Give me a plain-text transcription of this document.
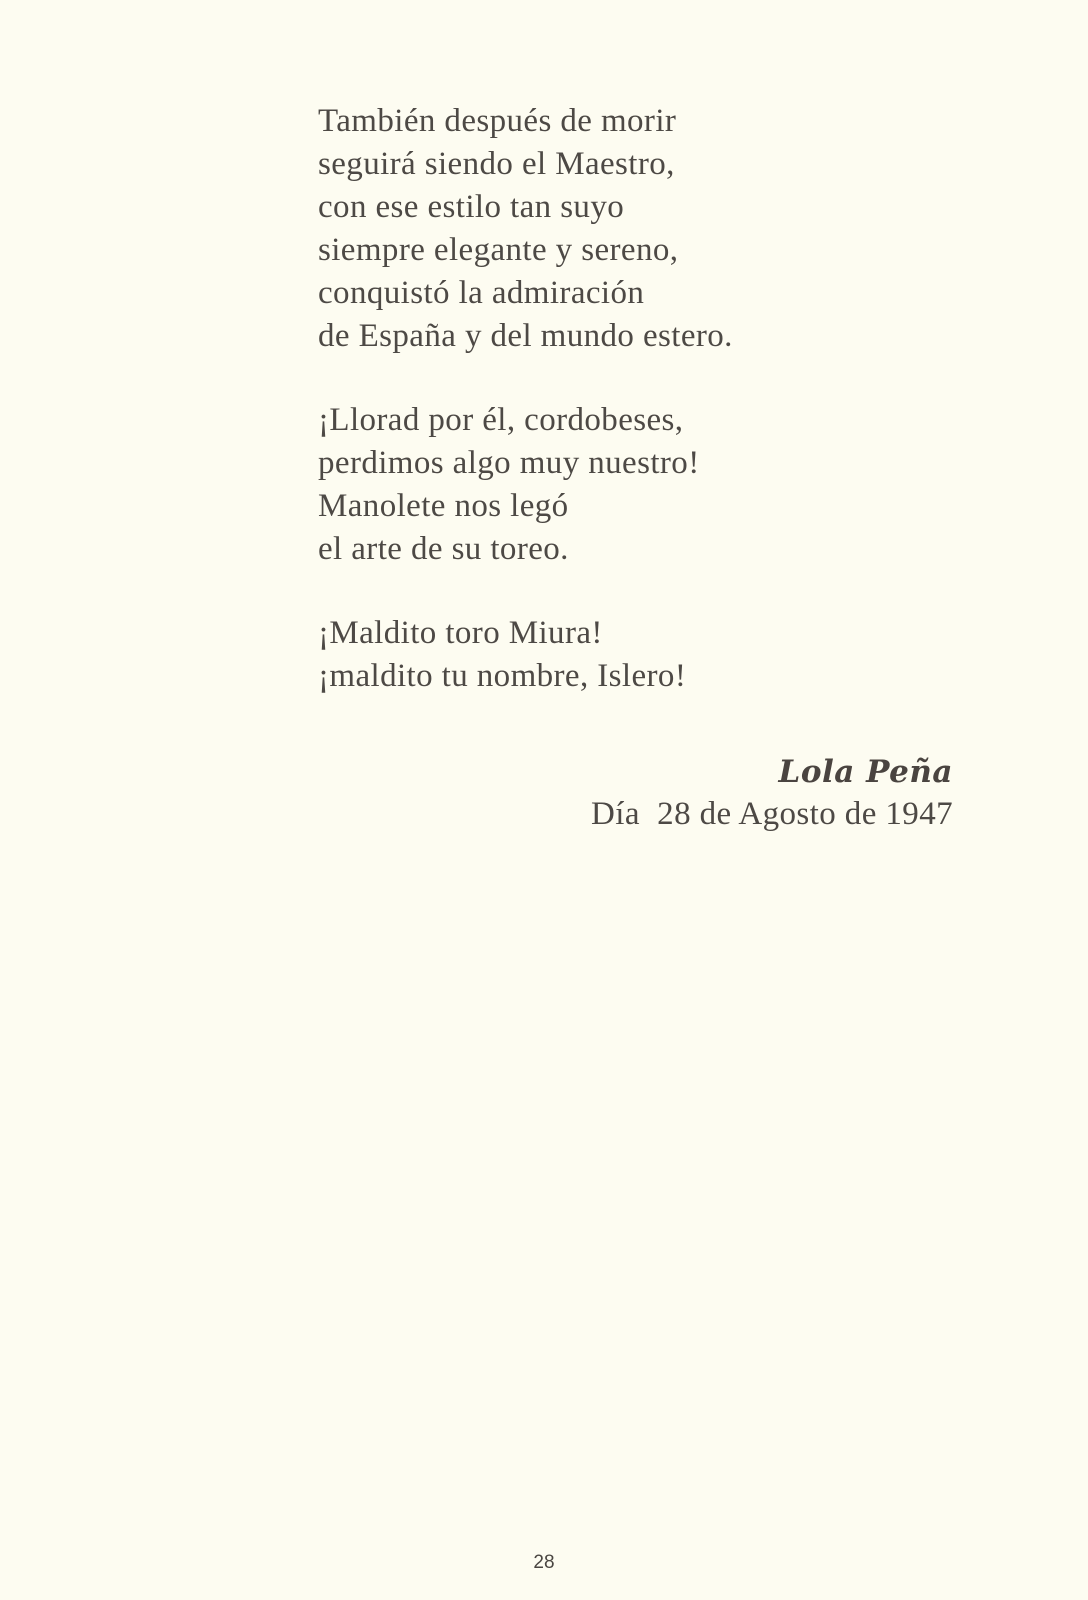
También después de morir
seguirá siendo el Maestro,
con ese estilo tan suyo
siempre elegante y sereno,
conquistó la admiración
de España y del mundo estero.
¡Llorad por él, cordobeses,
perdimos algo muy nuestro!
Manolete nos legó
el arte de su toreo.
¡Maldito toro Miura!
¡maldito tu nombre, Islero!
Lola Peña
Día  28 de Agosto de 1947
28
